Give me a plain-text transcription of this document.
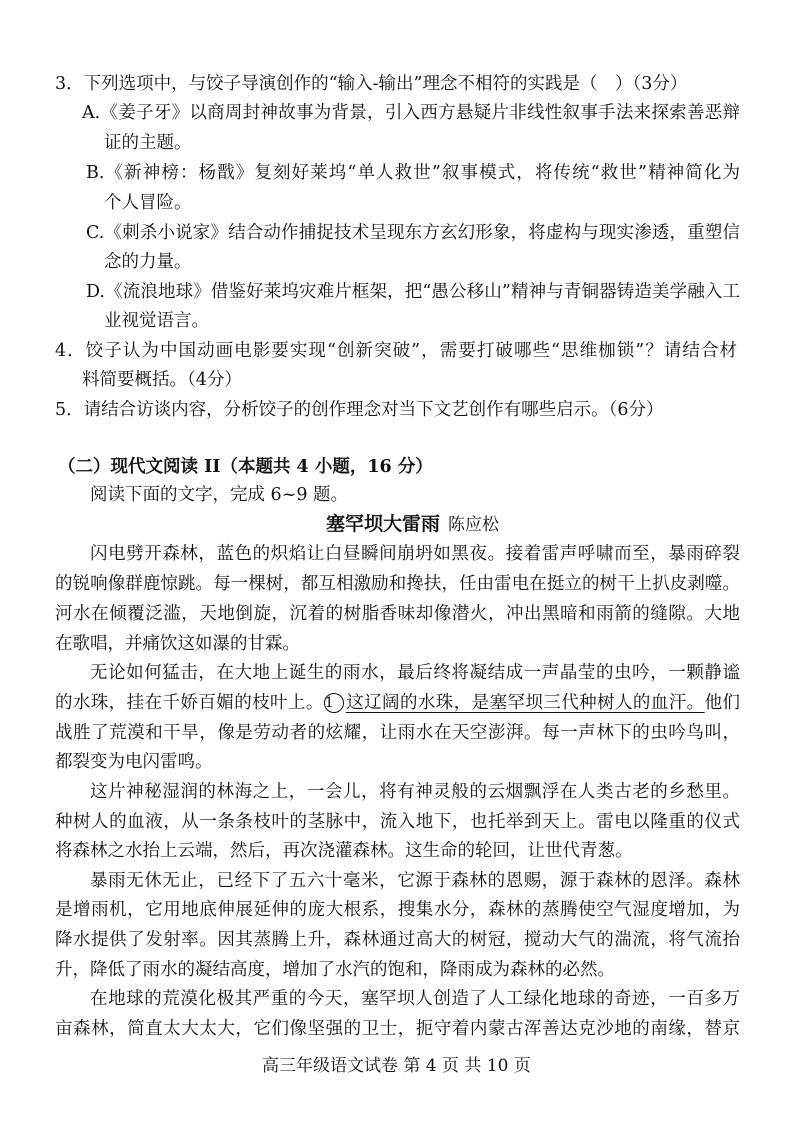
3．下列选项中，与饺子导演创作的“输入-输出”理念不相符的实践是（　）（3分）
A.《姜子牙》以商周封神故事为背景，引入西方悬疑片非线性叙事手法来探索善恶辩
证的主题。
B.《新神榜：杨戬》复刻好莱坞“单人救世”叙事模式，将传统“救世”精神简化为
个人冒险。
C.《刺杀小说家》结合动作捕捉技术呈现东方玄幻形象，将虚构与现实渗透，重塑信
念的力量。
D.《流浪地球》借鉴好莱坞灾难片框架，把“愚公移山”精神与青铜器铸造美学融入工
业视觉语言。
4．饺子认为中国动画电影要实现“创新突破”，需要打破哪些“思维枷锁”？请结合材
料简要概括。（4分）
5．请结合访谈内容，分析饺子的创作理念对当下文艺创作有哪些启示。（6分）
（二）现代文阅读 II（本题共 4 小题，16 分）
阅读下面的文字，完成 6~9 题。
塞罕坝大雷雨 陈应松
闪电劈开森林，蓝色的炽焰让白昼瞬间崩坍如黑夜。接着雷声呼啸而至，暴雨碎裂
的锐响像群鹿惊跳。每一棵树，都互相激励和搀扶，任由雷电在挺立的树干上扒皮剥噬。
河水在倾覆泛滥，天地倒旋，沉着的树脂香味却像潜火，冲出黑暗和雨箭的缝隙。大地
在歌唱，并痛饮这如瀑的甘霖。
无论如何猛击，在大地上诞生的雨水，最后终将凝结成一声晶莹的虫吟，一颗静谧
的水珠，挂在千娇百媚的枝叶上。1 这辽阔的水珠，是塞罕坝三代种树人的血汗。他们
战胜了荒漠和干旱，像是劳动者的炫耀，让雨水在天空澎湃。每一声林下的虫吟鸟叫，
都裂变为电闪雷鸣。
这片神秘湿润的林海之上，一会儿，将有神灵般的云烟飘浮在人类古老的乡愁里。
种树人的血液，从一条条枝叶的茎脉中，流入地下，也托举到天上。雷电以隆重的仪式
将森林之水抬上云端，然后，再次浇灌森林。这生命的轮回，让世代青葱。
暴雨无休无止，已经下了五六十毫米，它源于森林的恩赐，源于森林的恩泽。森林
是增雨机，它用地底伸展延伸的庞大根系，搜集水分，森林的蒸腾使空气湿度增加，为
降水提供了发射率。因其蒸腾上升，森林通过高大的树冠，搅动大气的湍流，将气流抬
升，降低了雨水的凝结高度，增加了水汽的饱和，降雨成为森林的必然。
在地球的荒漠化极其严重的今天，塞罕坝人创造了人工绿化地球的奇迹，一百多万
亩森林，简直太大太大，它们像坚强的卫士，扼守着内蒙古浑善达克沙地的南缘，替京
高三年级语文试卷 第 4 页 共 10 页
